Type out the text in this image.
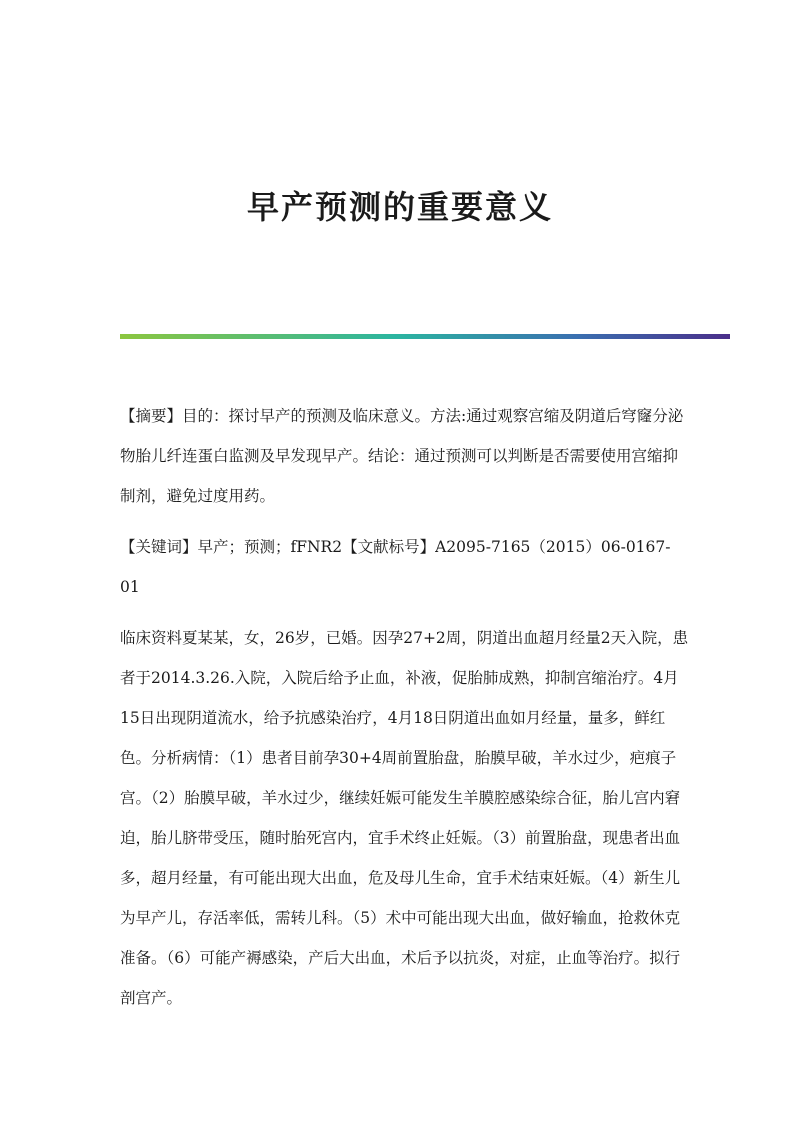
早产预测的重要意义

【摘要】目的：探讨早产的预测及临床意义。方法:通过观察宫缩及阴道后穹窿分泌物胎儿纤连蛋白监测及早发现早产。结论：通过预测可以判断是否需要使用宫缩抑制剂，避免过度用药。

【关键词】早产；预测；fFNR2【文献标号】A2095-7165（2015）06-0167-01

临床资料夏某某，女，26岁，已婚。因孕27+2周，阴道出血超月经量2天入院，患者于2014.3.26.入院，入院后给予止血，补液，促胎肺成熟，抑制宫缩治疗。4月15日出现阴道流水，给予抗感染治疗，4月18日阴道出血如月经量，量多，鲜红色。分析病情：（1）患者目前孕30+4周前置胎盘，胎膜早破，羊水过少，疤痕子宫。（2）胎膜早破，羊水过少，继续妊娠可能发生羊膜腔感染综合征，胎儿宫内窘迫，胎儿脐带受压，随时胎死宫内，宜手术终止妊娠。（3）前置胎盘，现患者出血多，超月经量，有可能出现大出血，危及母儿生命，宜手术结束妊娠。（4）新生儿为早产儿，存活率低，需转儿科。（5）术中可能出现大出血，做好输血，抢救休克准备。（6）可能产褥感染，产后大出血，术后予以抗炎，对症，止血等治疗。拟行剖宫产。
